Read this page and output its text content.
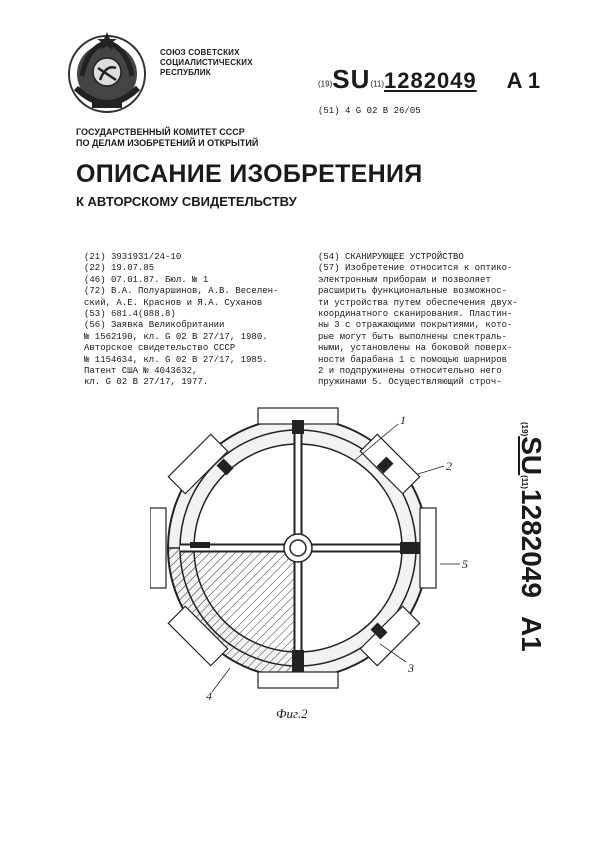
СОЮЗ СОВЕТСКИХ
СОЦИАЛИСТИЧЕСКИХ
РЕСПУБЛИК
(19)SU(11)1282049 A 1
(51) 4 G 02 B 26/05
ГОСУДАРСТВЕННЫЙ КОМИТЕТ СССР
ПО ДЕЛАМ ИЗОБРЕТЕНИЙ И ОТКРЫТИЙ
ОПИСАНИЕ ИЗОБРЕТЕНИЯ
К АВТОРСКОМУ СВИДЕТЕЛЬСТВУ
(21) 3931931/24-10
(22) 19.07.85
(46) 07.01.87. Бюл. № 1
(72) В.А. Полуаршинов, А.В. Веселен-
ский, А.Е. Краснов и Я.А. Суханов
(53) 681.4(088.8)
(56) Заявка Великобритании
№ 1562190, кл. G 02 B 27/17, 1980.
Авторское свидетельство СССР
№ 1154634, кл. G 02 B 27/17, 1985.
Патент США № 4043632,
кл. G 02 B 27/17, 1977.
(54) СКАНИРУЮЩЕЕ УСТРОЙСТВО
(57) Изобретение относится к оптико-
электронным приборам и позволяет
расширить функциональные возможнос-
ти устройства путем обеспечения двух-
координатного сканирования. Пластин-
ны 3 с отражающими покрытиями, кото-
рые могут быть выполнены спектраль-
ными, установлены на боковой поверх-
ности барабана 1 с помощью шарниров
2 и подпружинены относительно него
пружинами 5. Осуществляющий строч-
(19)SU(11)1282049A1
1
2
5
3
4
Фиг.2
